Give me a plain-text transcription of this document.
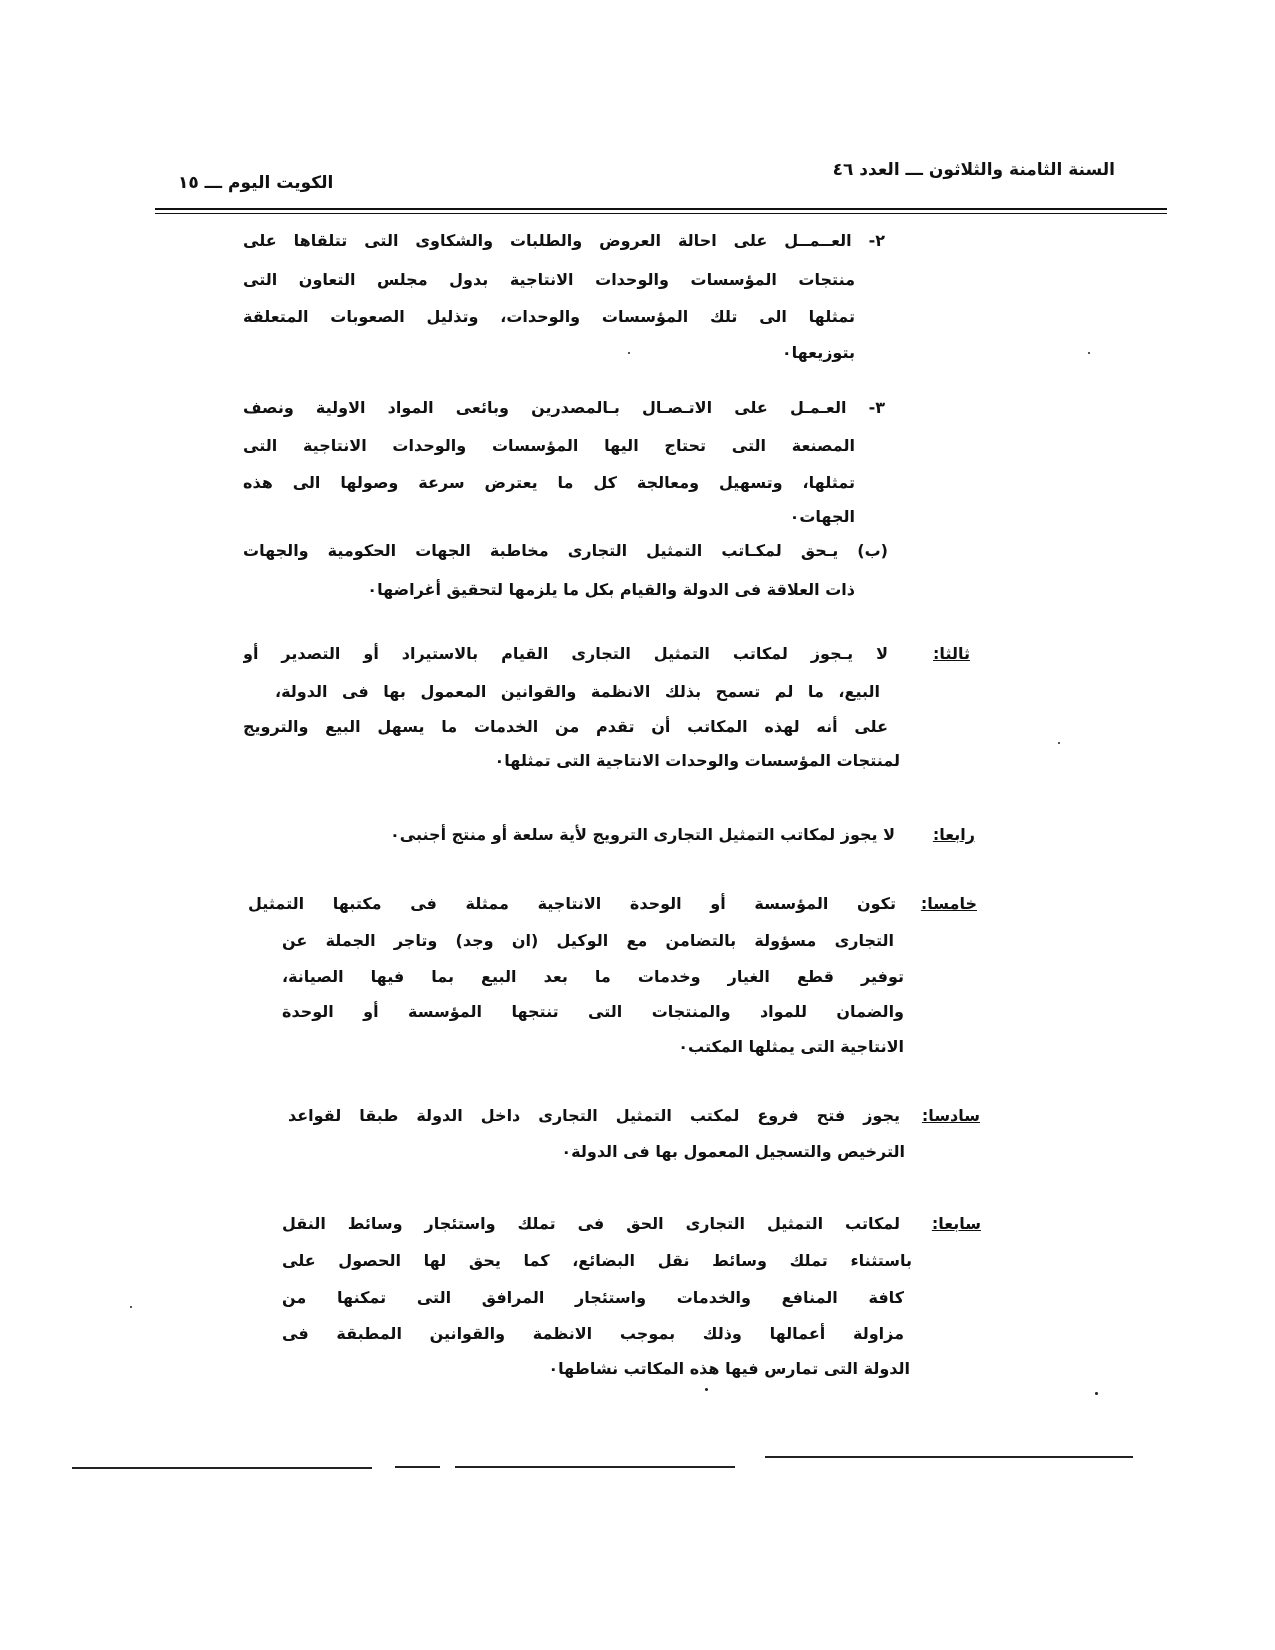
السنة الثامنة والثلاثون ـــ العدد ٤٦
الكويت اليوم ـــ ١٥
٢- العــمــل على احالة العروض والطلبات والشكاوى التى تتلقاها على
منتجات المؤسسات والوحدات الانتاجية بدول مجلس التعاون التى
تمثلها الى تلك المؤسسات والوحدات، وتذليل الصعوبات المتعلقة
بتوزيعها٠
٣- العـمـل على الاتـصـال بـالمصدرين وبائعى المواد الاولية ونصف
المصنعة التى تحتاج اليها المؤسسات والوحدات الانتاجية التى
تمثلها، وتسهيل ومعالجة كل ما يعترض سرعة وصولها الى هذه
الجهات٠
(ب) يـحق لمكـاتب التمثيل التجارى مخاطبة الجهات الحكومية والجهات
ذات العلاقة فى الدولة والقيام بكل ما يلزمها لتحقيق أغراضها٠
ثالثا:
لا يـجوز لمكاتب التمثيل التجارى القيام بالاستيراد أو التصدير أو
البيع، ما لم تسمح بذلك الانظمة والقوانين المعمول بها فى الدولة،
على أنه لهذه المكاتب أن تقدم من الخدمات ما يسهل البيع والترويج
لمنتجات المؤسسات والوحدات الانتاجية التى تمثلها٠
رابعا:
لا يجوز لمكاتب التمثيل التجارى الترويج لأية سلعة أو منتج أجنبى٠
خامسا:
تكون المؤسسة أو الوحدة الانتاجية ممثلة فى مكتبها التمثيل
التجارى مسؤولة بالتضامن مع الوكيل (ان وجد) وتاجر الجملة عن
توفير قطع الغيار وخدمات ما بعد البيع بما فيها الصيانة،
والضمان للمواد والمنتجات التى تنتجها المؤسسة أو الوحدة
الانتاجية التى يمثلها المكتب٠
سادسا:
يجوز فتح فروع لمكتب التمثيل التجارى داخل الدولة طبقا لقواعد
الترخيص والتسجيل المعمول بها فى الدولة٠
سابعا:
لمكاتب التمثيل التجارى الحق فى تملك واستئجار وسائط النقل
باستثناء تملك وسائط نقل البضائع، كما يحق لها الحصول على
كافة المنافع والخدمات واستئجار المرافق التى تمكنها من
مزاولة أعمالها وذلك بموجب الانظمة والقوانين المطبقة فى
الدولة التى تمارس فيها هذه المكاتب نشاطها٠
